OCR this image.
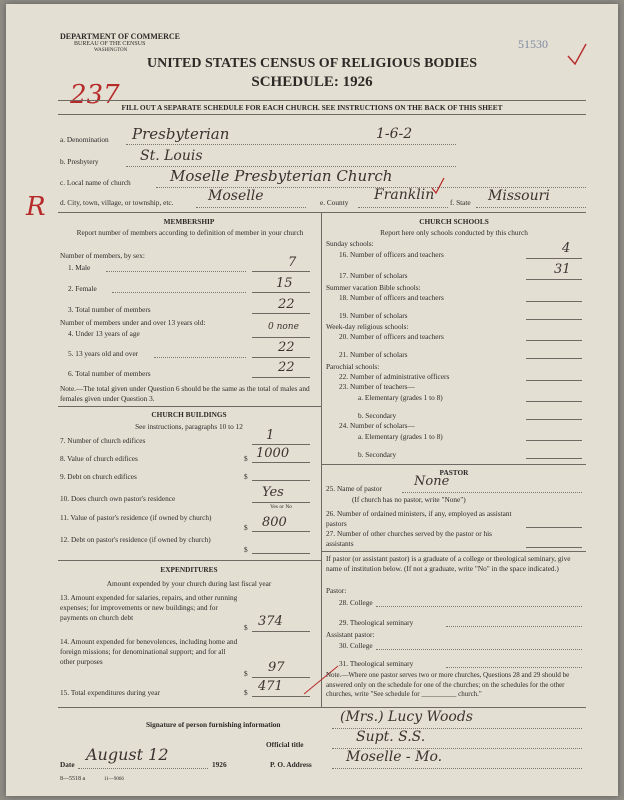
DEPARTMENT OF COMMERCE
BUREAU OF THE CENSUS
WASHINGTON	51530
UNITED STATES CENSUS OF RELIGIOUS BODIES
SCHEDULE: 1926
237 FILL OUT A SEPARATE SCHEDULE FOR EACH CHURCH. SEE INSTRUCTIONS ON THE BACK OF THIS SHEET
a. Denomination Presbyterian	1-6-2
b. Presbytery	St. Louis
c. Local name of church	Moselle Presbyterian Church
d. City, town, village, or township, etc. Moselle	e. County Franklin f. State Missouri
R	MEMBERSHIP
Report number of members according to definition of member in your church
Number of members, by sex:
1. Male	7
2. Female	15
3. Total number of members	22
Number of members under and over 13 years old:
4. Under 13 years of age
0 none
5. 13 years old and over	22
6. Total number of members	22
Note.—The total given under Question 6 should be the same as the total of males and females given under Question 3.
CHURCH BUILDINGS
See instructions, paragraphs 10 to 12
7. Number of church edifices	1
8. Value of church edifices	$ 1000
9. Debt on church edifices	$
10. Does church own pastor's residence	Yes
Yes or No
11. Value of pastor's residence (if owned by church)
$ 800
12. Debt on pastor's residence (if owned by church)
$
EXPENDITURES
Amount expended by your church during last fiscal year
13. Amount expended for salaries, repairs, and other running expenses; for improvements or new buildings; and for payments on church debt
$ 374
14. Amount expended for benevolences, including home and foreign missions; for denominational support; and for all other purposes
$ 97
15. Total expenditures during year	$ 471
CHURCH SCHOOLS
Report here only schools conducted by this church
Sunday schools:
16. Number of officers and teachers	4
17. Number of scholars	31
Summer vacation Bible schools:
18. Number of officers and teachers
19. Number of scholars
Week-day religious schools:
20. Number of officers and teachers
21. Number of scholars
Parochial schools:
22. Number of administrative officers
23. Number of teachers—
a. Elementary (grades 1 to 8)
b. Secondary
24. Number of scholars—
a. Elementary (grades 1 to 8)
b. Secondary
PASTOR
25. Name of pastor None
(If church has no pastor, write "None")
26. Number of ordained ministers, if any, employed as assistant pastors
27. Number of other churches served by the pastor or his assistants
If pastor (or assistant pastor) is a graduate of a college or theological seminary, give name of institution below. (If not a graduate, write "No" in the space indicated.)
Pastor:
28. College
29. Theological seminary
Assistant pastor:
30. College
31. Theological seminary
Note.—Where one pastor serves two or more churches, Questions 28 and 29 should be answered only on the schedule for one of the churches; on the schedules for the other churches, write "See schedule for __________ church."
Signature of person furnishing information	(Mrs.) Lucy Woods
Official title	Supt. S.S.
Date
August 12
1926	P. O. Address Moselle - Mo.
8—5518 a	11—9066
